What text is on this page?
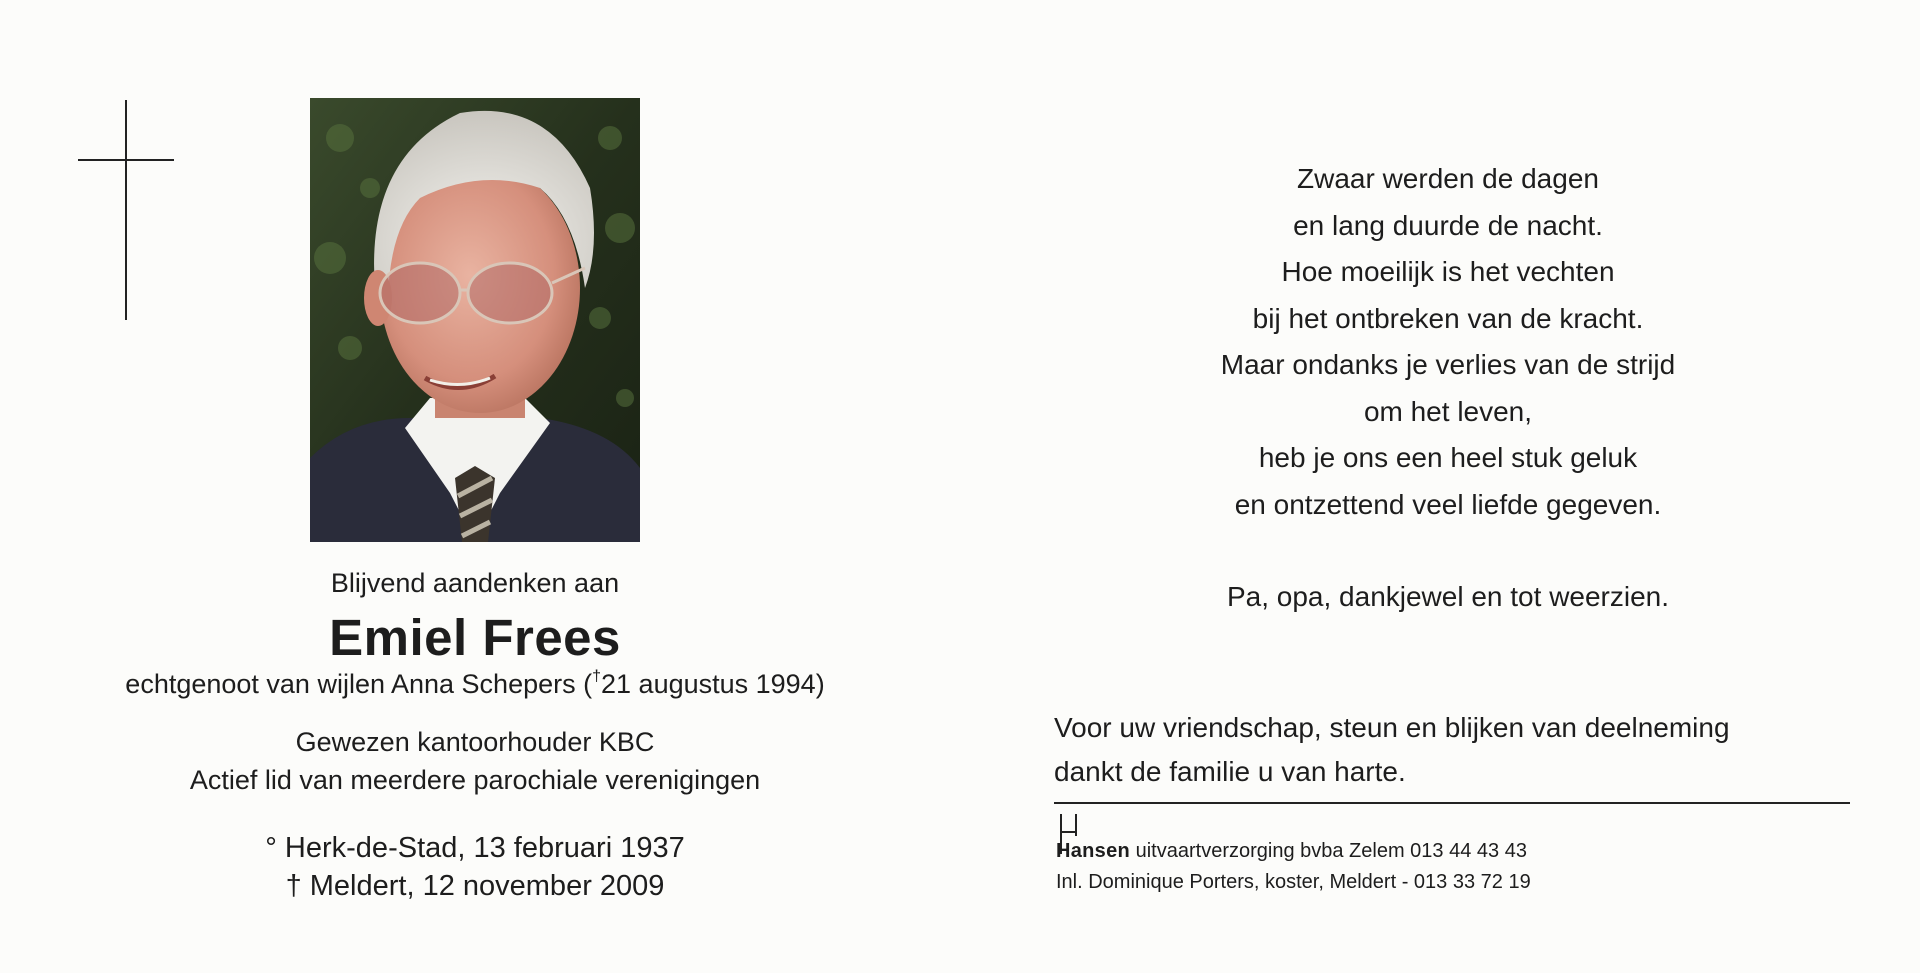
Blijvend aandenken aan
Emiel Frees
echtgenoot van wijlen Anna Schepers (†21 augustus 1994)
Gewezen kantoorhouder KBC
Actief lid van meerdere parochiale verenigingen
° Herk-de-Stad, 13 februari 1937
† Meldert, 12 november 2009
Zwaar werden de dagen
en lang duurde de nacht.
Hoe moeilijk is het vechten
bij het ontbreken van de kracht.
Maar ondanks je verlies van de strijd
om het leven,
heb je ons een heel stuk geluk
en ontzettend veel liefde gegeven.
Pa, opa, dankjewel en tot weerzien.
Voor uw vriendschap, steun en blijken van deelneming
dankt de familie u van harte.
Hansen uitvaartverzorging bvba Zelem 013 44 43 43
Inl. Dominique Porters, koster, Meldert - 013 33 72 19
